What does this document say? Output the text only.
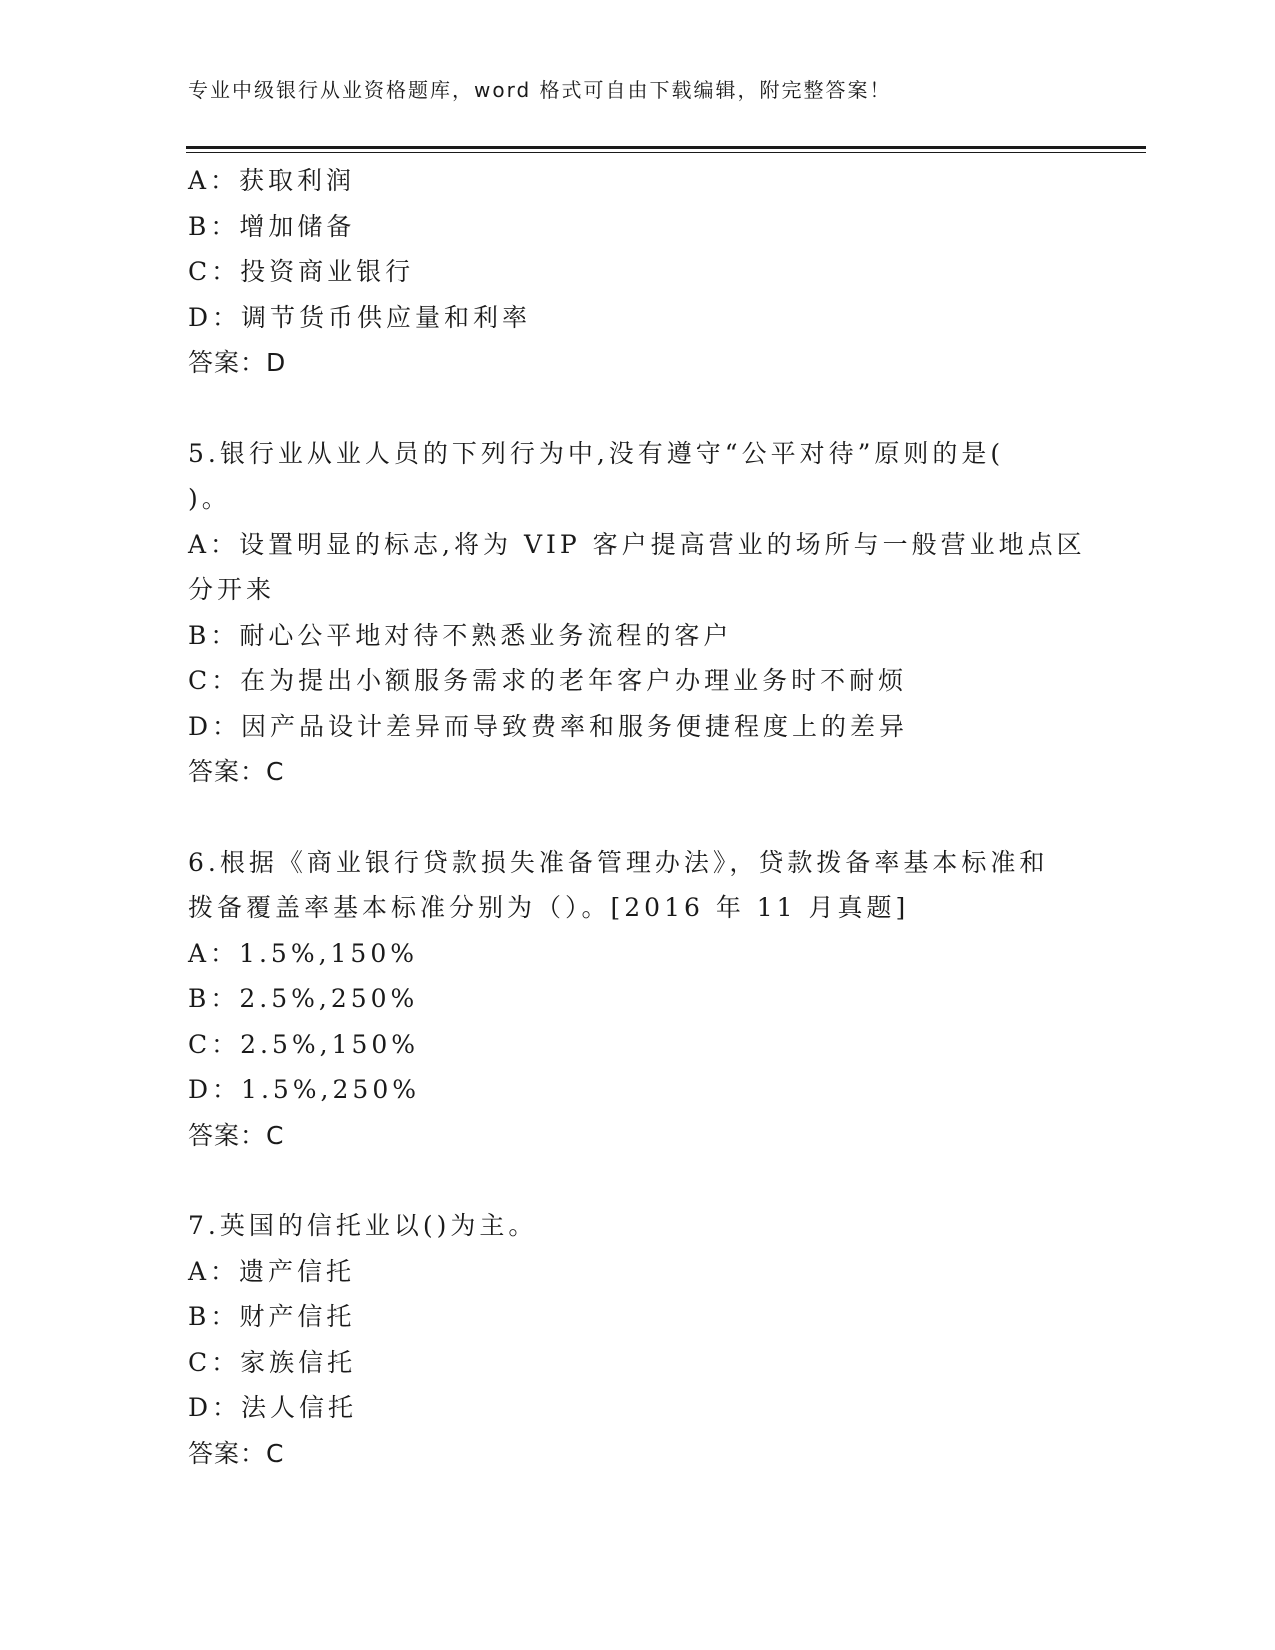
专业中级银行从业资格题库，word 格式可自由下载编辑，附完整答案！
A：获取利润
B：增加储备
C：投资商业银行
D：调节货币供应量和利率
答案：D
5.银行业从业人员的下列行为中,没有遵守“公平对待”原则的是(
)。
A：设置明显的标志,将为 VIP 客户提高营业的场所与一般营业地点区
分开来
B：耐心公平地对待不熟悉业务流程的客户
C：在为提出小额服务需求的老年客户办理业务时不耐烦
D：因产品设计差异而导致费率和服务便捷程度上的差异
答案：C
6.根据《商业银行贷款损失准备管理办法》，贷款拨备率基本标准和
拨备覆盖率基本标准分别为（）。[2016 年 11 月真题]
A：1.5%,150%
B：2.5%,250%
C：2.5%,150%
D：1.5%,250%
答案：C
7.英国的信托业以()为主。
A：遗产信托
B：财产信托
C：家族信托
D：法人信托
答案：C
